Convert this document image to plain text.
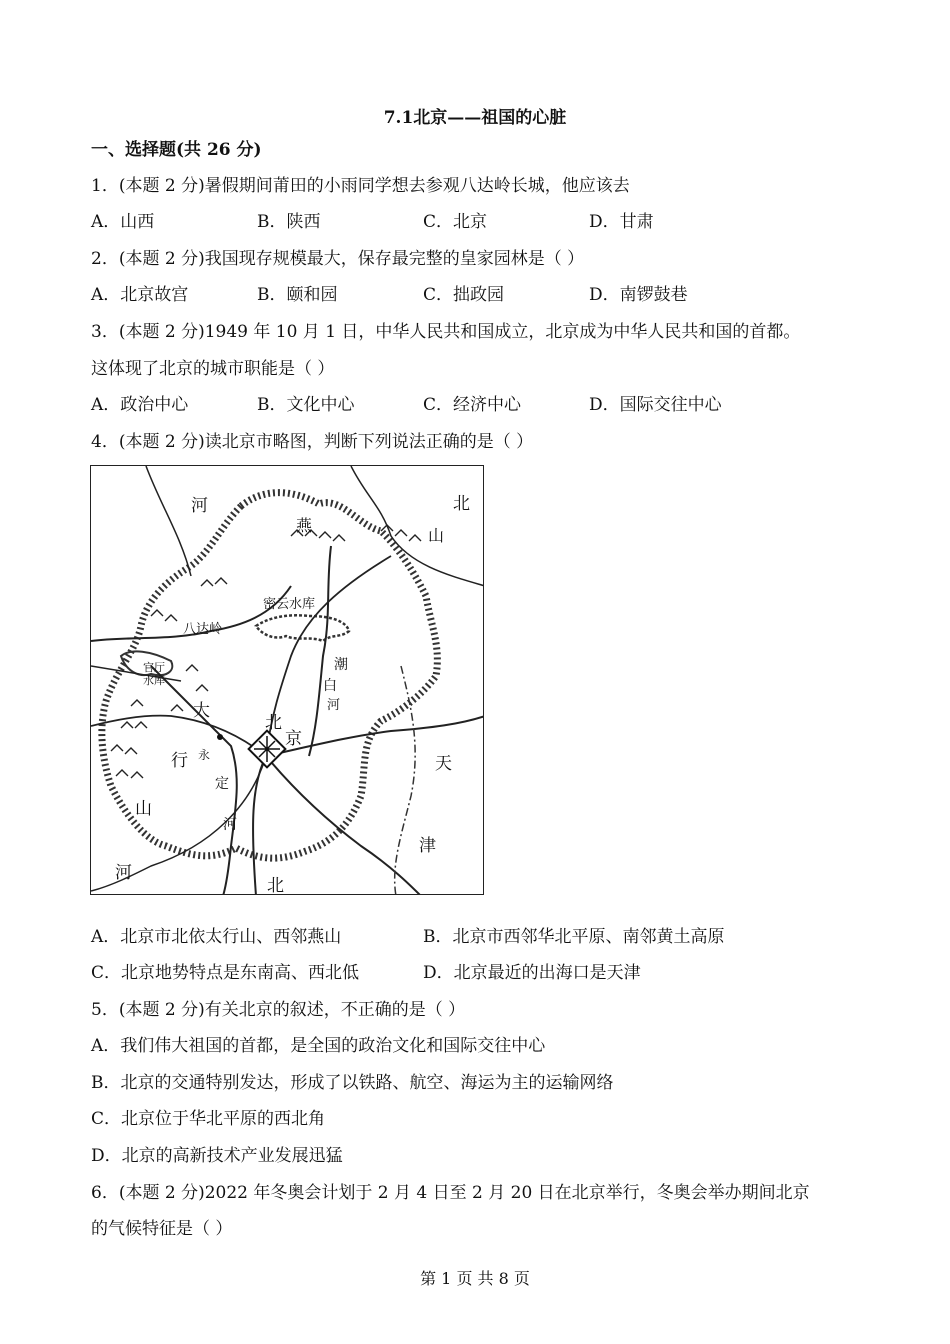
7.1北京——祖国的心脏
一、选择题(共 26 分)
1．(本题 2 分)暑假期间莆田的小雨同学想去参观八达岭长城，他应该去
A．山西	B．陕西	C．北京	D．甘肃
2．(本题 2 分)我国现存规模最大，保存最完整的皇家园林是（ ）
A．北京故宫	B．颐和园	C．拙政园	D．南锣鼓巷
3．(本题 2 分)1949 年 10 月 1 日，中华人民共和国成立，北京成为中华人民共和国的首都。
这体现了北京的城市职能是（ ）
A．政治中心	B．文化中心	C．经济中心	D．国际交往中心
4．(本题 2 分)读北京市略图，判断下列说法正确的是（ ）
河	北
燕
山
密云水库
八达岭
官厅
水库
潮
白
河
大
行
山
北
京
永
定
河
天
津
河
北
A．北京市北依太行山、西邻燕山	B．北京市西邻华北平原、南邻黄土高原
C．北京地势特点是东南高、西北低	D．北京最近的出海口是天津
5．(本题 2 分)有关北京的叙述，不正确的是（ ）
A．我们伟大祖国的首都，是全国的政治文化和国际交往中心
B．北京的交通特别发达，形成了以铁路、航空、海运为主的运输网络
C．北京位于华北平原的西北角
D．北京的高新技术产业发展迅猛
6．(本题 2 分)2022 年冬奥会计划于 2 月 4 日至 2 月 20 日在北京举行，冬奥会举办期间北京
的气候特征是（ ）
第 1 页 共 8 页
